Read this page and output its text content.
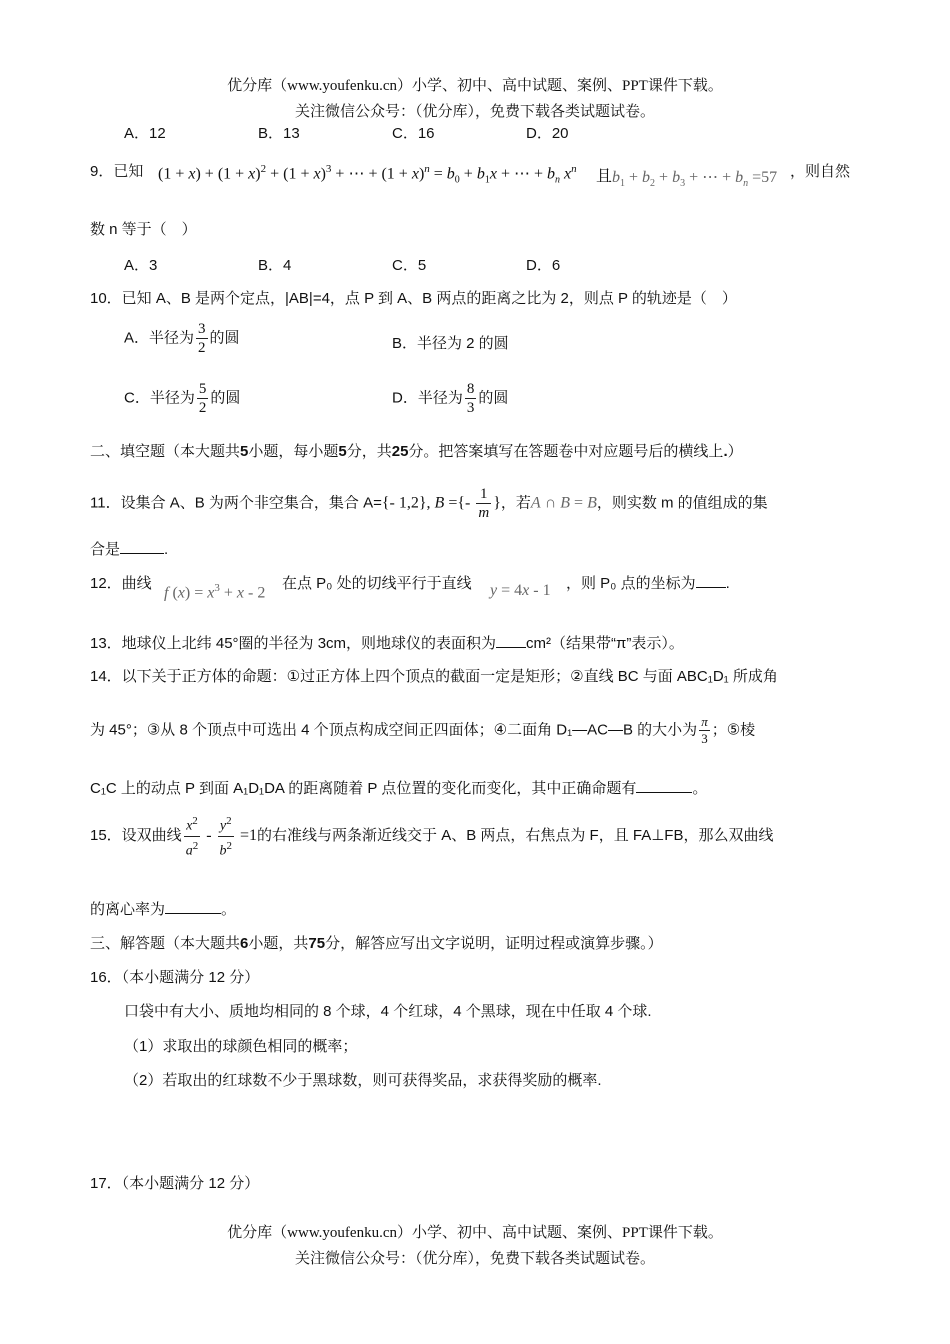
优分库（www.youfenku.cn）小学、初中、高中试题、案例、PPT课件下载。
关注微信公众号：（优分库），免费下载各类试题试卷。
A．12	B．13	C．16	D．20
9．已知 $(1 + x) + (1 + x)^2 + (1 + x)^3$ + ⋯ + $(1 + x)^n = b_0 + b_1x$ + ⋯ + $b_n$ $x^n$ 且 $b_1 + b_2 + b_3$ + ⋯ + $b_n =57$ ，则自然
数 n 等于（　）
A．3	B．4	C．5	D．6
10．已知 A、B 是两个定点，|AB|=4，点 P 到 A、B 两点的距离之比为 2，则点 P 的轨迹是（　）
A．半径为 $\frac{3}{2}$ 的圆	B．半径为 2 的圆
C．半径为 $\frac{5}{2}$ 的圆	D．半径为 $\frac{8}{3}$ 的圆
二、填空题（本大题共5小题，每小题5分，共25分。把答案填写在答题卷中对应题号后的横线上.）
11．设集合 A、B 为两个非空集合，集合 A={- 1,2}, B ={- $\frac{1}{m}$ }，若A ∩ B = B，则实数 m 的值组成的集
合是	.
12．曲线
f $(x) = x^3 + x - 2$
在点 P₀ 处的切线平行于直线 y = 4x - 1 ，则 P₀ 点的坐标为 .
13．地球仪上北纬 45°圈的半径为 3cm，则地球仪的表面积为 cm²（结果带“π”表示）。
14．以下关于正方体的命题：①过正方体上四个顶点的截面一定是矩形；②直线 BC 与面 ABC₁D₁ 所成角
为 45°；③从 8 个顶点中可选出 4 个顶点构成空间正四面体；④二面角 D₁—AC—B 的大小为 $\frac{\pi}{3}$ ；⑤棱
C₁C 上的动点 P 到面 A₁D₁DA 的距离随着 P 点位置的变化而变化，其中正确命题有	。
15．设双曲线 $\frac{x^2}{a^2} - \frac{y^2}{b^2} =1$的右准线与两条渐近线交于 A、B 两点，右焦点为 F，且 FA⊥FB，那么双曲线
的离心率为	。
三、解答题（本大题共6小题，共75分，解答应写出文字说明，证明过程或演算步骤。）
16．（本小题满分 12 分）
口袋中有大小、质地均相同的 8 个球，4 个红球，4 个黑球，现在中任取 4 个球.
（1）求取出的球颜色相同的概率；
（2）若取出的红球数不少于黑球数，则可获得奖品，求获得奖励的概率.
17．（本小题满分 12 分）
优分库（www.youfenku.cn）小学、初中、高中试题、案例、PPT课件下载。
关注微信公众号：（优分库），免费下载各类试题试卷。
